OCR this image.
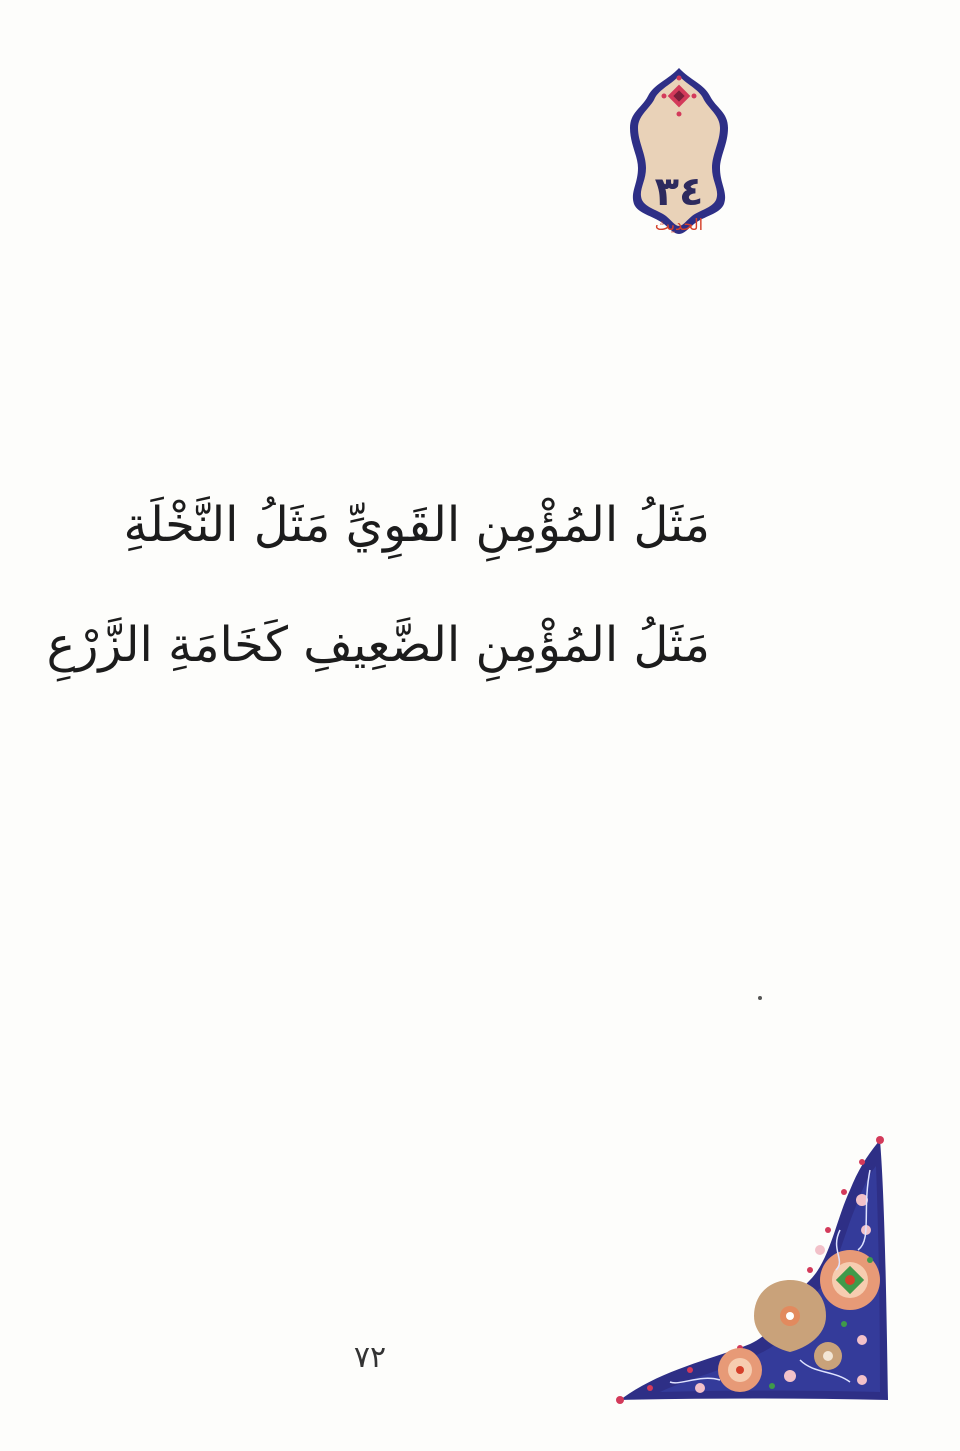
٣٤
الحديث
مَثَلُ المُؤْمِنِ القَوِيِّ مَثَلُ النَّخْلَةِ
مَثَلُ المُؤْمِنِ الضَّعِيفِ كَخَامَةِ الزَّرْعِ
٧٢
